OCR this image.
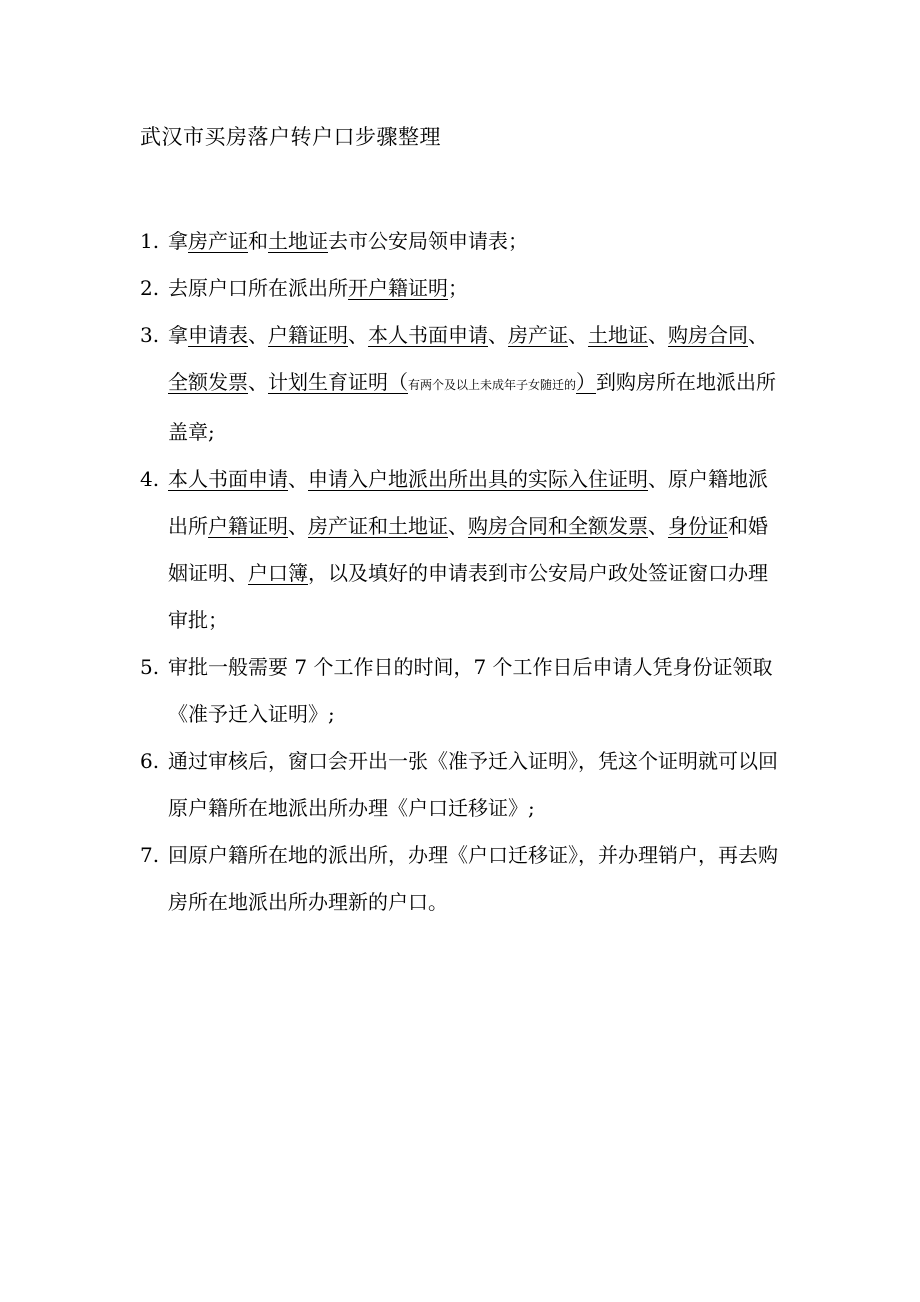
武汉市买房落户转户口步骤整理
1. 拿房产证和土地证去市公安局领申请表；
2. 去原户口所在派出所开户籍证明；
3. 拿申请表、户籍证明、本人书面申请、房产证、土地证、购房合同、全额发票、计划生育证明（有两个及以上未成年子女随迁的）到购房所在地派出所盖章;
4. 本人书面申请、申请入户地派出所出具的实际入住证明、原户籍地派出所户籍证明、房产证和土地证、购房合同和全额发票、身份证和婚姻证明、户口簿，以及填好的申请表到市公安局户政处签证窗口办理审批；
5. 审批一般需要 7 个工作日的时间，7 个工作日后申请人凭身份证领取《准予迁入证明》;
6. 通过审核后，窗口会开出一张《准予迁入证明》，凭这个证明就可以回原户籍所在地派出所办理《户口迁移证》;
7. 回原户籍所在地的派出所，办理《户口迁移证》，并办理销户，再去购房所在地派出所办理新的户口。
